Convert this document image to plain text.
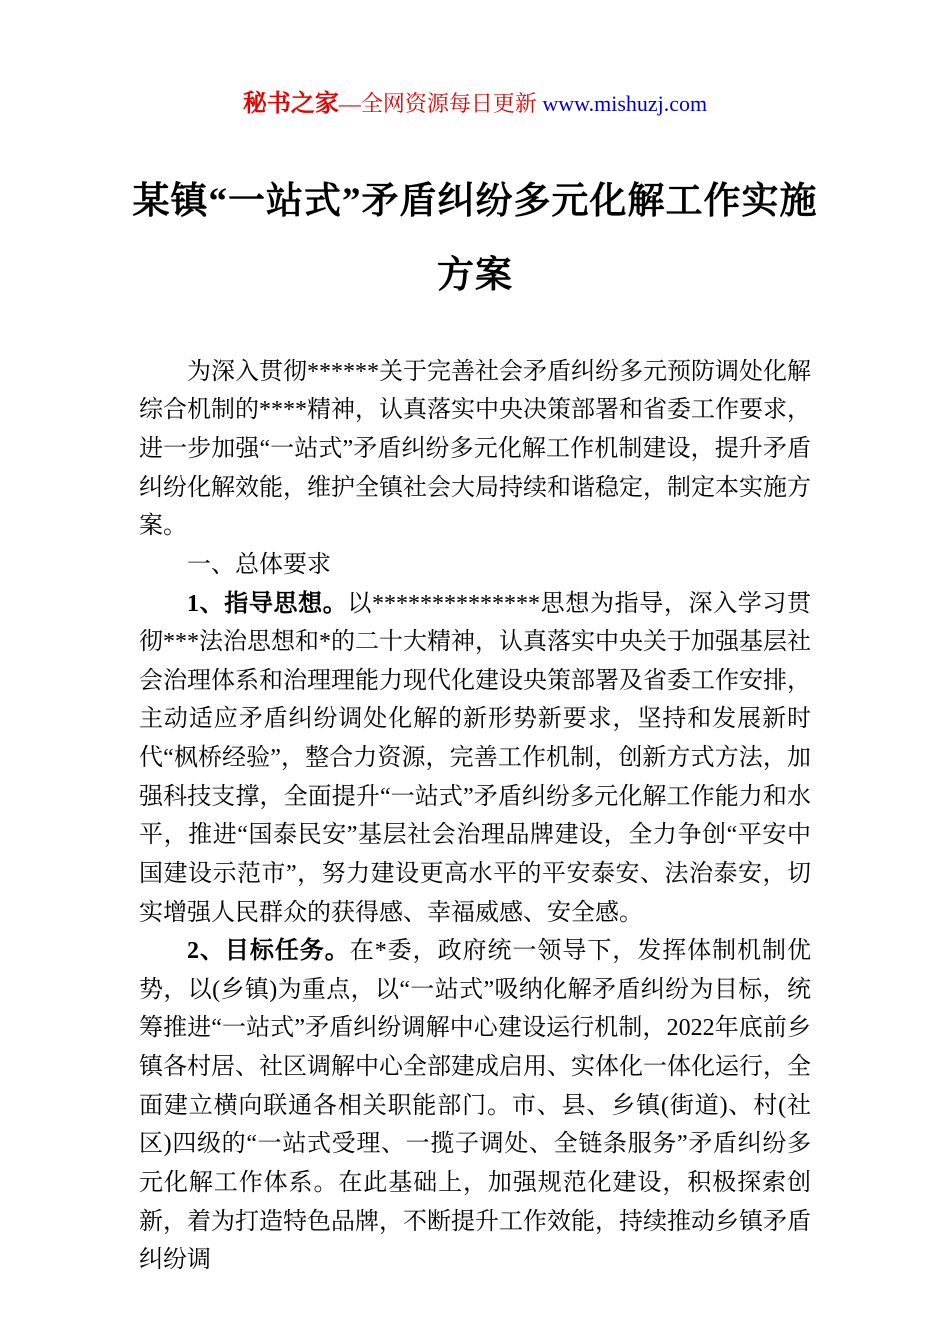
秘书之家—全网资源每日更新 www.mishuzj.com
某镇“一站式”矛盾纠纷多元化解工作实施方案

为深入贯彻******关于完善社会矛盾纠纷多元预防调处化解综合机制的****精神，认真落实中央决策部署和省委工作要求，进一步加强“一站式”矛盾纠纷多元化解工作机制建设，提升矛盾纠纷化解效能，维护全镇社会大局持续和谐稳定，制定本实施方案。

一、总体要求

1、指导思想。以**************思想为指导，深入学习贯彻***法治思想和*的二十大精神，认真落实中央关于加强基层社会治理体系和治理理能力现代化建设央策部署及省委工作安排，主动适应矛盾纠纷调处化解的新形势新要求，坚持和发展新时代“枫桥经验”，整合力资源，完善工作机制，创新方式方法，加强科技支撑，全面提升“一站式”矛盾纠纷多元化解工作能力和水平，推进“国泰民安”基层社会治理品牌建设，全力争创“平安中 国建设示范市”，努力建设更高水平的平安泰安、法治泰安，切实增强人民群众的获得感、幸福威感、安全感。

2、目标任务。在*委，政府统一领导下，发挥体制机制优势，以(乡镇)为重点，以“一站式”吸纳化解矛盾纠纷为目标，统筹推进“一站式”矛盾纠纷调解中心建设运行机制，2022年底前乡镇各村居、社区调解中心全部建成启用、实体化一体化运行，全面建立横向联通各相关职能部门。市、县、乡镇(街道)、村(社区)四级的“一站式受理、一揽子调处、全链条服务”矛盾纠纷多元化解工作体系。在此基础上，加强规范化建设，积极探索创新，着为打造特色品牌，不断提升工作效能，持续推动乡镇矛盾纠纷调
